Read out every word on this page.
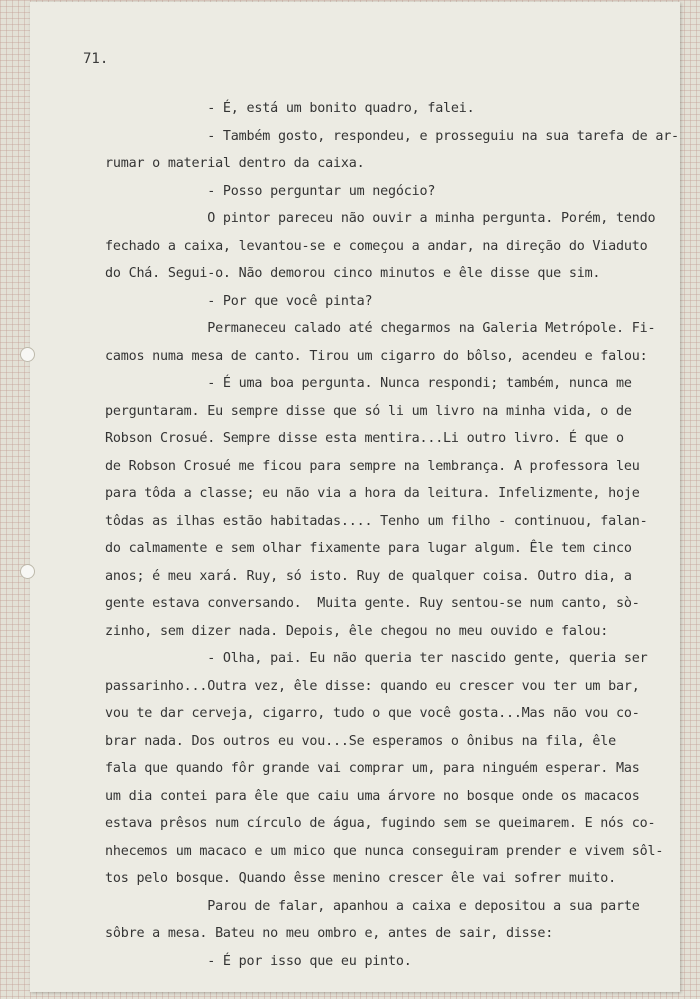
71.
- É, está um bonito quadro, falei.
- Também gosto, respondeu, e prosseguiu na sua tarefa de ar-
rumar o material dentro da caixa.
- Posso perguntar um negócio?
O pintor pareceu não ouvir a minha pergunta. Porém, tendo
fechado a caixa, levantou-se e começou a andar, na direção do Viaduto
do Chá. Segui-o. Não demorou cinco minutos e êle disse que sim.
- Por que você pinta?
Permaneceu calado até chegarmos na Galeria Metrópole. Fi-
camos numa mesa de canto. Tirou um cigarro do bôlso, acendeu e falou:
- É uma boa pergunta. Nunca respondi; também, nunca me
perguntaram. Eu sempre disse que só li um livro na minha vida, o de
Robson Crosué. Sempre disse esta mentira...Li outro livro. É que o
de Robson Crosué me ficou para sempre na lembrança. A professora leu
para tôda a classe; eu não via a hora da leitura. Infelizmente, hoje
tôdas as ilhas estão habitadas.... Tenho um filho - continuou, falan-
do calmamente e sem olhar fixamente para lugar algum. Êle tem cinco
anos; é meu xará. Ruy, só isto. Ruy de qualquer coisa. Outro dia, a
gente estava conversando.  Muita gente. Ruy sentou-se num canto, sò-
zinho, sem dizer nada. Depois, êle chegou no meu ouvido e falou:
- Olha, pai. Eu não queria ter nascido gente, queria ser
passarinho...Outra vez, êle disse: quando eu crescer vou ter um bar,
vou te dar cerveja, cigarro, tudo o que você gosta...Mas não vou co-
brar nada. Dos outros eu vou...Se esperamos o ônibus na fila, êle
fala que quando fôr grande vai comprar um, para ninguém esperar. Mas
um dia contei para êle que caiu uma árvore no bosque onde os macacos
estava prêsos num círculo de água, fugindo sem se queimarem. E nós co-
nhecemos um macaco e um mico que nunca conseguiram prender e vivem sôl-
tos pelo bosque. Quando êsse menino crescer êle vai sofrer muito.
Parou de falar, apanhou a caixa e depositou a sua parte
sôbre a mesa. Bateu no meu ombro e, antes de sair, disse:
- É por isso que eu pinto.
